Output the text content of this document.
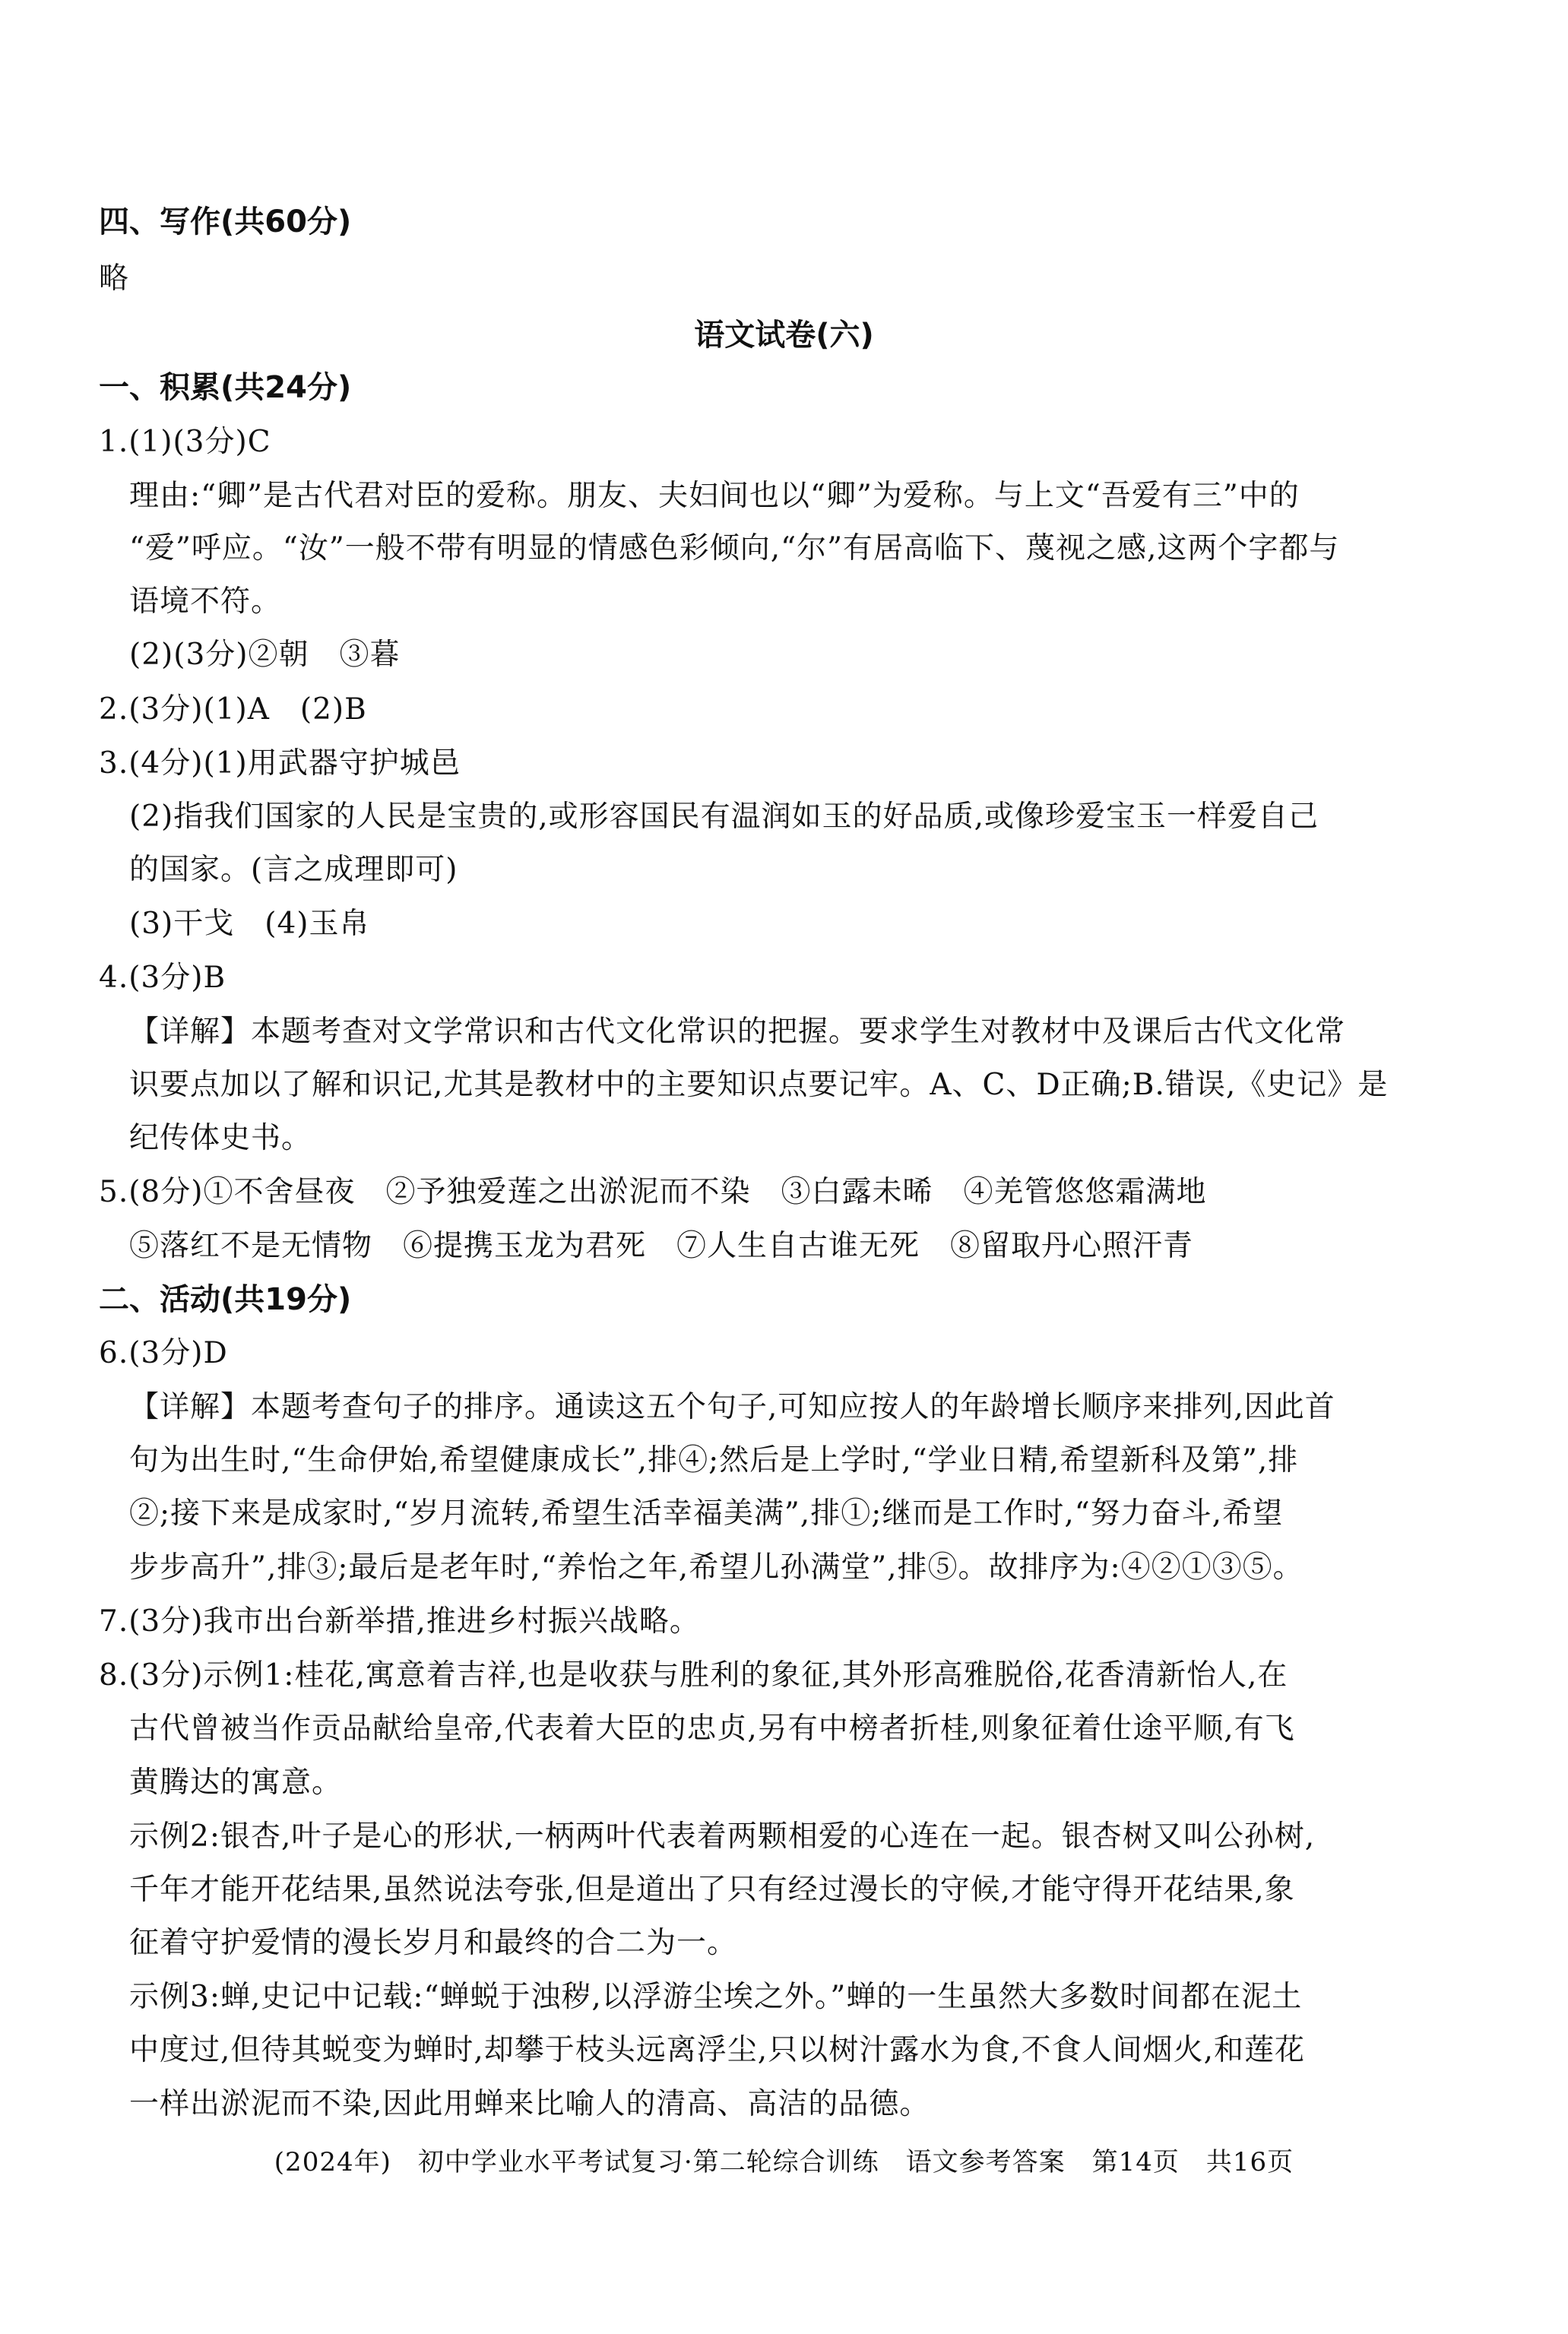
四、写作(共60分)
略
语文试卷(六)
一、积累(共24分)
1.(1)(3分)C
理由:“卿”是古代君对臣的爱称。朋友、夫妇间也以“卿”为爱称。与上文“吾爱有三”中的
“爱”呼应。“汝”一般不带有明显的情感色彩倾向,“尔”有居高临下、蔑视之感,这两个字都与
语境不符。
(2)(3分)②朝　③暮
2.(3分)(1)A　(2)B
3.(4分)(1)用武器守护城邑
(2)指我们国家的人民是宝贵的,或形容国民有温润如玉的好品质,或像珍爱宝玉一样爱自己
的国家。(言之成理即可)
(3)干戈　(4)玉帛
4.(3分)B
【详解】本题考查对文学常识和古代文化常识的把握。要求学生对教材中及课后古代文化常
识要点加以了解和识记,尤其是教材中的主要知识点要记牢。A、C、D正确;B.错误,《史记》是
纪传体史书。
5.(8分)①不舍昼夜　②予独爱莲之出淤泥而不染　③白露未晞　④羌管悠悠霜满地
⑤落红不是无情物　⑥提携玉龙为君死　⑦人生自古谁无死　⑧留取丹心照汗青
二、活动(共19分)
6.(3分)D
【详解】本题考查句子的排序。通读这五个句子,可知应按人的年龄增长顺序来排列,因此首
句为出生时,“生命伊始,希望健康成长”,排④;然后是上学时,“学业日精,希望新科及第”,排
②;接下来是成家时,“岁月流转,希望生活幸福美满”,排①;继而是工作时,“努力奋斗,希望
步步高升”,排③;最后是老年时,“养怡之年,希望儿孙满堂”,排⑤。故排序为:④②①③⑤。
7.(3分)我市出台新举措,推进乡村振兴战略。
8.(3分)示例1:桂花,寓意着吉祥,也是收获与胜利的象征,其外形高雅脱俗,花香清新怡人,在
古代曾被当作贡品献给皇帝,代表着大臣的忠贞,另有中榜者折桂,则象征着仕途平顺,有飞
黄腾达的寓意。
示例2:银杏,叶子是心的形状,一柄两叶代表着两颗相爱的心连在一起。银杏树又叫公孙树,
千年才能开花结果,虽然说法夸张,但是道出了只有经过漫长的守候,才能守得开花结果,象
征着守护爱情的漫长岁月和最终的合二为一。
示例3:蝉,史记中记载:“蝉蜕于浊秽,以浮游尘埃之外。”蝉的一生虽然大多数时间都在泥土
中度过,但待其蜕变为蝉时,却攀于枝头远离浮尘,只以树汁露水为食,不食人间烟火,和莲花
一样出淤泥而不染,因此用蝉来比喻人的清高、高洁的品德。
(2024年)　初中学业水平考试复习·第二轮综合训练　语文参考答案　第14页　共16页
